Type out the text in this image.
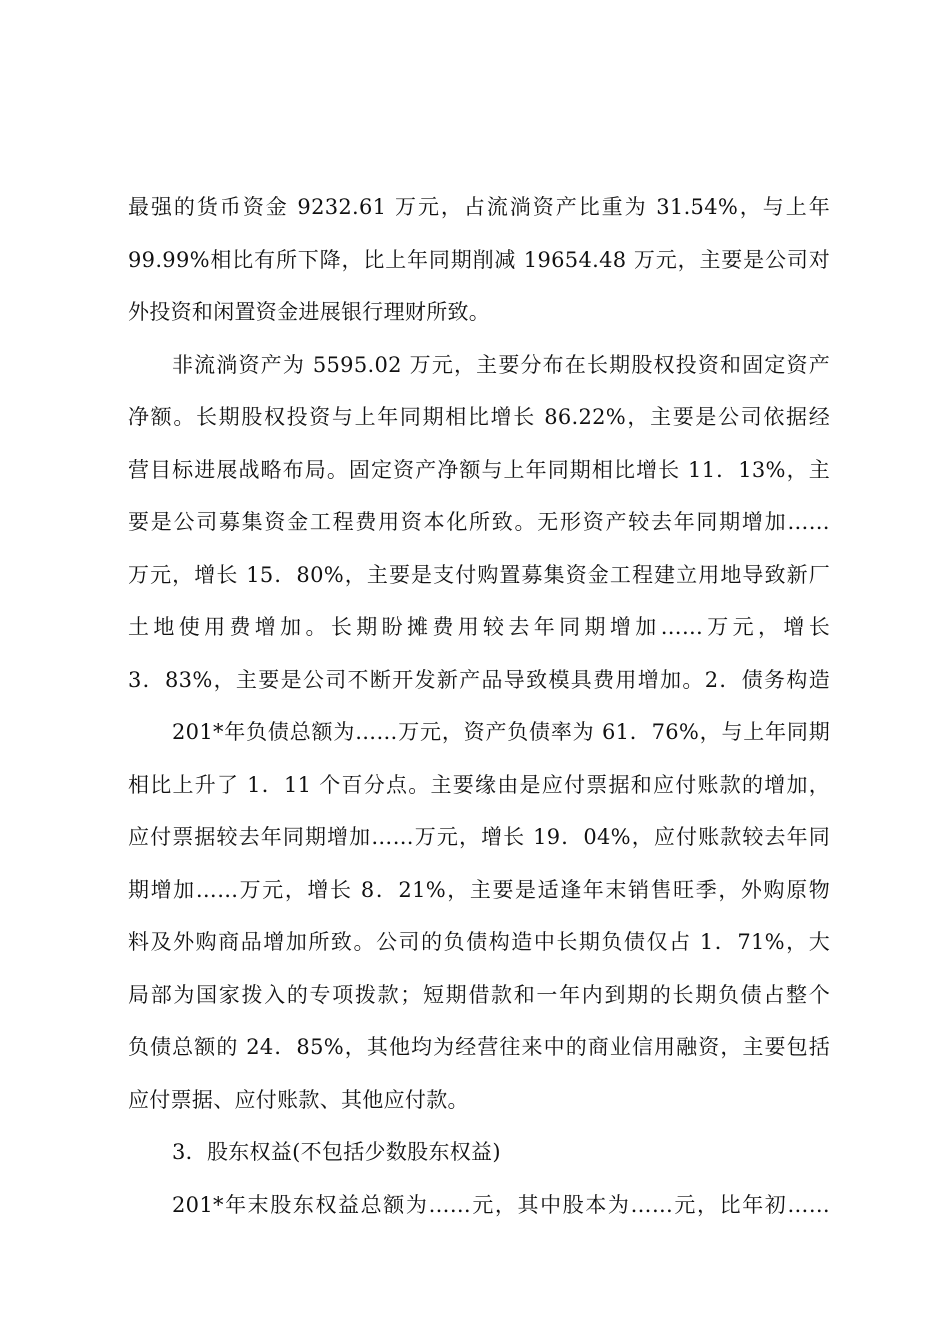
最强的货币资金 9232.61 万元，占流淌资产比重为 31.54%，与上年
99.99%相比有所下降，比上年同期削减 19654.48 万元，主要是公司对
外投资和闲置资金进展银行理财所致。
非流淌资产为 5595.02 万元，主要分布在长期股权投资和固定资产
净额。长期股权投资与上年同期相比增长 86.22%，主要是公司依据经
营目标进展战略布局。固定资产净额与上年同期相比增长 11．13%，主
要是公司募集资金工程费用资本化所致。无形资产较去年同期增加……
万元，增长 15．80%，主要是支付购置募集资金工程建立用地导致新厂
土地使用费增加。长期盼摊费用较去年同期增加……万元，增长
3．83%，主要是公司不断开发新产品导致模具费用增加。2．债务构造
201*年负债总额为……万元，资产负债率为 61．76%，与上年同期
相比上升了 1．11 个百分点。主要缘由是应付票据和应付账款的增加，
应付票据较去年同期增加……万元，增长 19．04%，应付账款较去年同
期增加……万元，增长 8．21%，主要是适逢年末销售旺季，外购原物
料及外购商品增加所致。公司的负债构造中长期负债仅占 1．71%，大
局部为国家拨入的专项拨款；短期借款和一年内到期的长期负债占整个
负债总额的 24．85%，其他均为经营往来中的商业信用融资，主要包括
应付票据、应付账款、其他应付款。
3．股东权益(不包括少数股东权益)
201*年末股东权益总额为……元，其中股本为……元，比年初……
